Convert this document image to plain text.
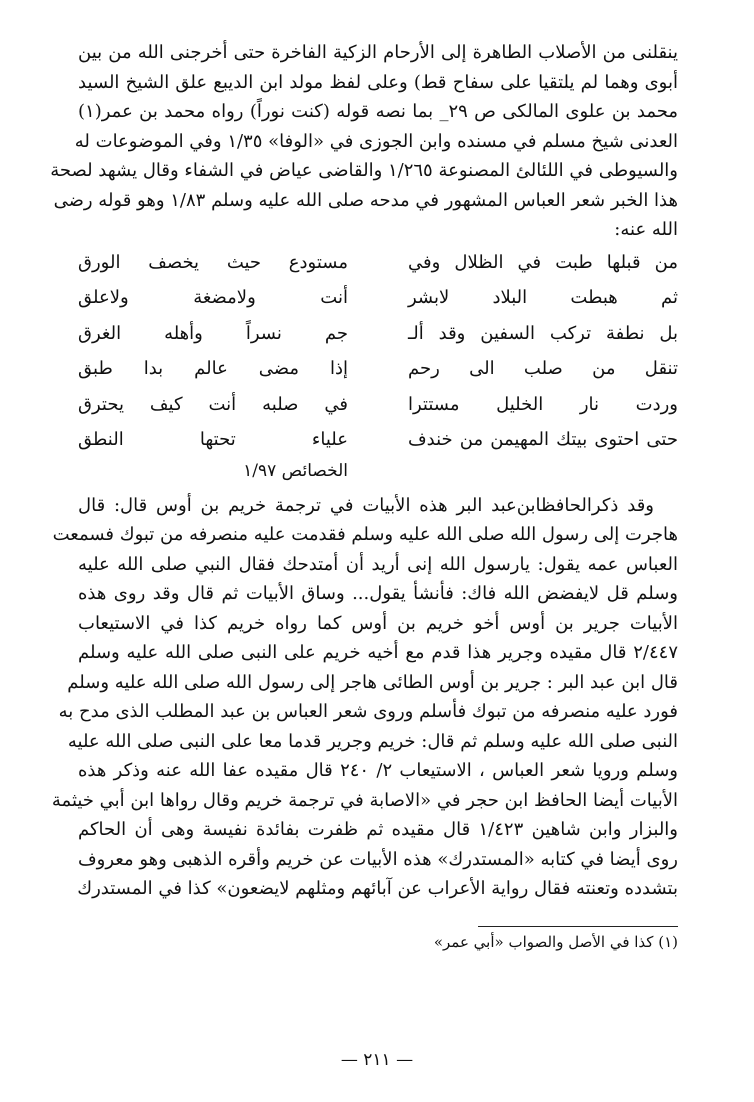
ينقلنى من الأصلاب الطاهرة إلى الأرحام الزكية الفاخرة حتى أخرجنى الله من بين
أبوى وهما لم يلتقيا على سفاح قط) وعلى لفظ مولد ابن الديبع علق الشيخ السيد
محمد بن علوى المالكى ص ٢٩_ بما نصه قوله (كنت نوراً) رواه محمد بن عمر(١)
العدنى شيخ مسلم في مسنده وابن الجوزى في «الوفا» ١/٣٥ وفي الموضوعات له
والسيوطى في اللئالئ المصنوعة ١/٢٦٥ والقاضى عياض في الشفاء وقال يشهد لصحة
هذا الخبر شعر العباس المشهور في مدحه صلى الله عليه وسلم ١/٨٣ وهو قوله رضى
الله عنه:
من قبلها طبت في الظلال وفي
ثم هبطت البلاد لابشر
بل نطفة تركب السفين وقد ألـ
تنقل من صلب الى رحم
وردت نار الخليل مستترا
حتى احتوى بيتك المهيمن من خندف
مستودع حيث يخصف الورق
أنت ولامضغة ولاعلق
جم نسراً وأهله الغرق
إذا مضى عالم بدا طبق
في صلبه أنت كيف يحترق
علياء تحتها النطق
الخصائص ١/٩٧
وقد ذكرالحافظابن‌عبد البر هذه الأبيات في ترجمة خريم بن أوس قال: قال
هاجرت إلى رسول الله صلى الله عليه وسلم فقدمت عليه منصرفه من تبوك فسمعت
العباس عمه يقول: يارسول الله إنى أريد أن أمتدحك فقال النبي صلى الله عليه
وسلم قل لايفضض الله فاك: فأنشأ يقول... وساق الأبيات ثم قال وقد روى هذه
الأبيات جرير بن أوس أخو خريم بن أوس كما رواه خريم كذا في الاستيعاب
٢/٤٤٧ قال مقيده وجرير هذا قدم مع أخيه خريم على النبى صلى الله عليه وسلم
قال ابن عبد البر : جرير بن أوس الطائى هاجر إلى رسول الله صلى الله عليه وسلم
فورد عليه منصرفه من تبوك فأسلم وروى شعر العباس بن عبد المطلب الذى مدح به
النبى صلى الله عليه وسلم ثم قال: خريم وجرير قدما معا على النبى صلى الله عليه
وسلم ورويا شعر العباس ، الاستيعاب ٢/ ٢٤٠ قال مقيده عفا الله عنه وذكر هذه
الأبيات أيضا الحافظ ابن حجر في «الاصابة في ترجمة خريم وقال رواها ابن أبي خيثمة
والبزار وابن شاهين ١/٤٢٣ قال مقيده ثم ظفرت بفائدة نفيسة وهى أن الحاكم
روى أيضا في كتابه «المستدرك» هذه الأبيات عن خريم وأقره الذهبى وهو معروف
بتشدده وتعنته فقال رواية الأعراب عن آبائهم ومثلهم لايضعون» كذا في المستدرك
(١) كذا في الأصل والصواب «أبي عمر»
— ٢١١ —
